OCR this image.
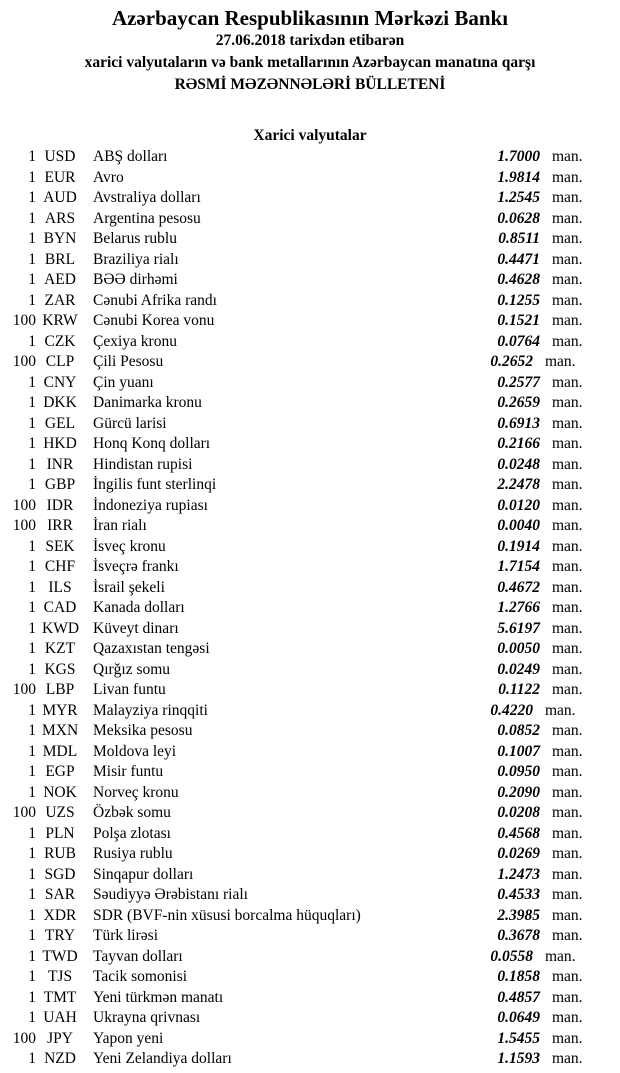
Azərbaycan Respublikasının Mərkəzi Bankı
27.06.2018 tarixdən etibarən
xarici valyutaların və bank metallarının Azərbaycan manatına qarşı
RƏSMİ MƏZƏNNƏLƏRİ BÜLLETENİ
Xarici valyutalar
1 USD	ABŞ dolları	1.7000 man.
1 EUR	Avro	1.9814 man.
1 AUD	Avstraliya dolları	1.2545 man.
1 ARS	Argentina pesosu	0.0628 man.
1 BYN	Belarus rublu	0.8511 man.
1 BRL	Braziliya rialı	0.4471 man.
1 AED	BƏƏ dirhəmi	0.4628 man.
1 ZAR	Cənubi Afrika randı	0.1255 man.
100 KRW Cənubi Korea vonu	0.1521 man.
1 CZK	Çexiya kronu	0.0764 man.
100 CLP	Çili Pesosu	0.2652 man.
1 CNY	Çin yuanı	0.2577 man.
1 DKK	Danimarka kronu	0.2659 man.
1 GEL	Gürcü larisi	0.6913 man.
1 HKD	Honq Konq dolları	0.2166 man.
1 INR	Hindistan rupisi	0.0248 man.
1 GBP	İngilis funt sterlinqi	2.2478 man.
100 IDR	İndoneziya rupiası	0.0120 man.
100 IRR	İran rialı	0.0040 man.
1 SEK	İsveç kronu	0.1914 man.
1 CHF	İsveçrə frankı	1.7154 man.
1 ILS	İsrail şekeli	0.4672 man.
1 CAD	Kanada dolları	1.2766 man.
1 KWD Küveyt dinarı	5.6197 man.
1 KZT	Qazaxıstan tengəsi	0.0050 man.
1 KGS	Qırğız somu	0.0249 man.
100 LBP	Livan funtu	0.1122 man.
1 MYR Malayziya rinqqiti	0.4220 man.
1 MXN Meksika pesosu	0.0852 man.
1 MDL	Moldova leyi	0.1007 man.
1 EGP	Misir funtu	0.0950 man.
1 NOK	Norveç kronu	0.2090 man.
100 UZS	Özbək somu	0.0208 man.
1 PLN	Polşa zlotası	0.4568 man.
1 RUB	Rusiya rublu	0.0269 man.
1 SGD	Sinqapur dolları	1.2473 man.
1 SAR	Səudiyyə Ərəbistanı rialı	0.4533 man.
1 XDR	SDR (BVF-nin xüsusi borcalma hüquqları)	2.3985 man.
1 TRY	Türk lirəsi	0.3678 man.
1 TWD Tayvan dolları	0.0558 man.
1 TJS	Tacik somonisi	0.1858 man.
1 TMT	Yeni türkmən manatı	0.4857 man.
1 UAH	Ukrayna qrivnası	0.0649 man.
100 JPY	Yapon yeni	1.5455 man.
1 NZD	Yeni Zelandiya dolları	1.1593 man.
